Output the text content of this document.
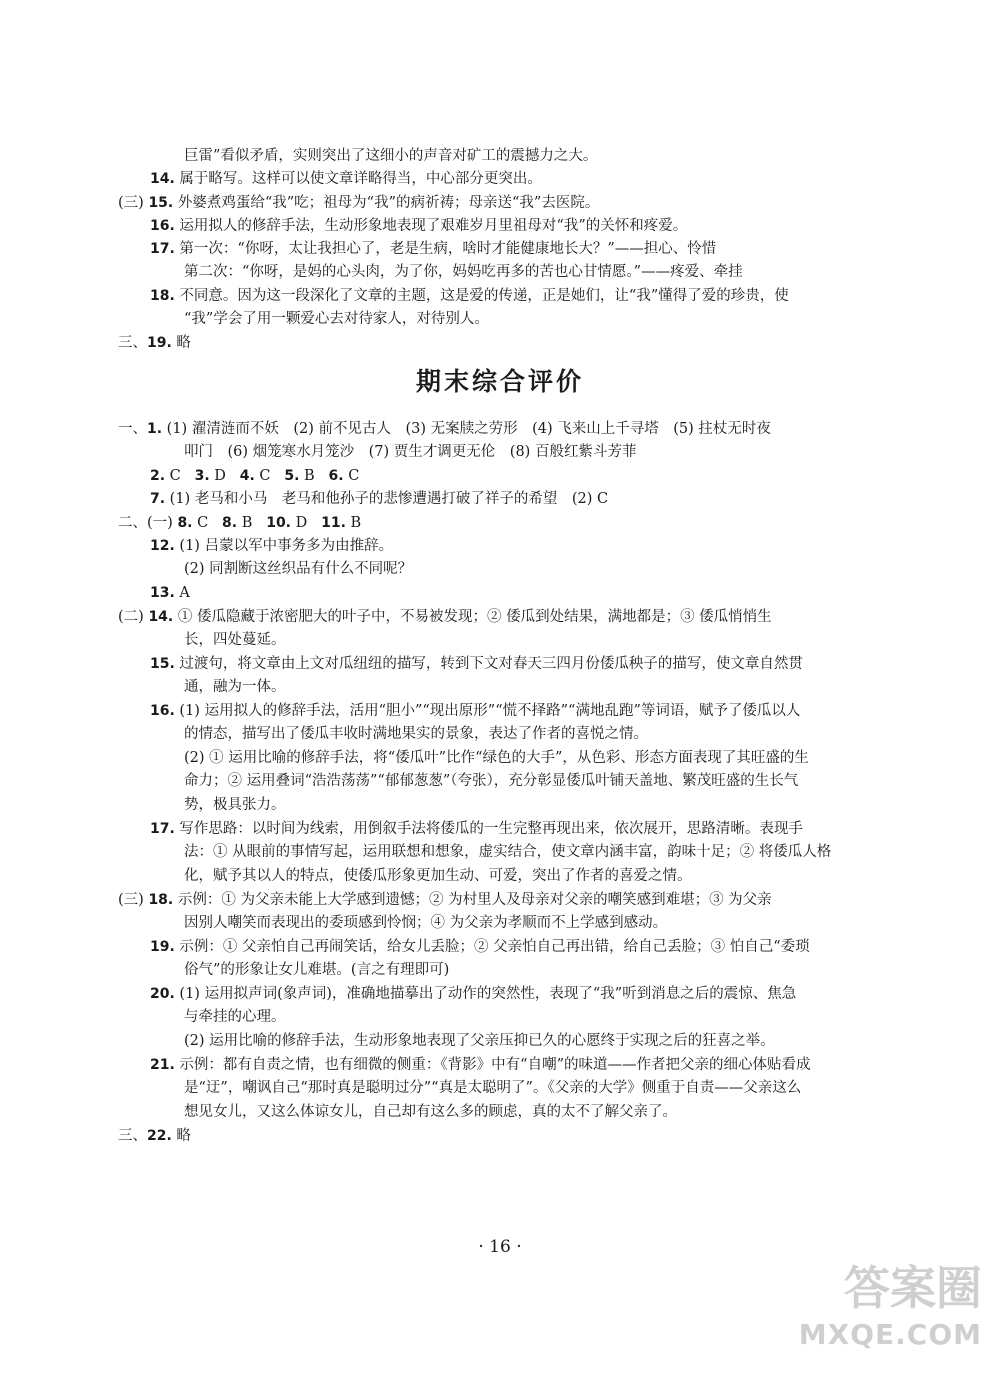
巨雷”看似矛盾，实则突出了这细小的声音对矿工的震撼力之大。
14. 属于略写。这样可以使文章详略得当，中心部分更突出。
(三) 15. 外婆煮鸡蛋给“我”吃；祖母为“我”的病祈祷；母亲送“我”去医院。
16. 运用拟人的修辞手法，生动形象地表现了艰难岁月里祖母对“我”的关怀和疼爱。
17. 第一次：“你呀，太让我担心了，老是生病，啥时才能健康地长大？”——担心、怜惜
第二次：“你呀，是妈的心头肉，为了你，妈妈吃再多的苦也心甘情愿。”——疼爱、牵挂
18. 不同意。因为这一段深化了文章的主题，这是爱的传递，正是她们，让“我”懂得了爱的珍贵，使
“我”学会了用一颗爱心去对待家人，对待别人。
三、19. 略
期末综合评价
一、1. (1) 濯清涟而不妖　(2) 前不见古人　(3) 无案牍之劳形　(4) 飞来山上千寻塔　(5) 拄杖无时夜
叩门　(6) 烟笼寒水月笼沙　(7) 贾生才调更无伦　(8) 百般红紫斗芳菲
2. C 3. D 4. C 5. B 6. C
7. (1) 老马和小马　老马和他孙子的悲惨遭遇打破了祥子的希望　(2) C
二、(一) 8. C 8. B 10. D 11. B
12. (1) 吕蒙以军中事务多为由推辞。
(2) 同割断这丝织品有什么不同呢？
13. A
(二) 14. ① 倭瓜隐藏于浓密肥大的叶子中，不易被发现；② 倭瓜到处结果，满地都是；③ 倭瓜悄悄生
长，四处蔓延。
15. 过渡句，将文章由上文对瓜纽纽的描写，转到下文对春天三四月份倭瓜秧子的描写，使文章自然贯
通，融为一体。
16. (1) 运用拟人的修辞手法，活用“胆小”“现出原形”“慌不择路”“满地乱跑”等词语，赋予了倭瓜以人
的情态，描写出了倭瓜丰收时满地果实的景象，表达了作者的喜悦之情。
(2) ① 运用比喻的修辞手法，将“倭瓜叶”比作“绿色的大手”，从色彩、形态方面表现了其旺盛的生
命力；② 运用叠词“浩浩荡荡”“郁郁葱葱”（夸张），充分彰显倭瓜叶铺天盖地、繁茂旺盛的生长气
势，极具张力。
17. 写作思路：以时间为线索，用倒叙手法将倭瓜的一生完整再现出来，依次展开，思路清晰。表现手
法：① 从眼前的事情写起，运用联想和想象，虚实结合，使文章内涵丰富，韵味十足；② 将倭瓜人格
化，赋予其以人的特点，使倭瓜形象更加生动、可爱，突出了作者的喜爱之情。
(三) 18. 示例：① 为父亲未能上大学感到遗憾；② 为村里人及母亲对父亲的嘲笑感到难堪；③ 为父亲
因别人嘲笑而表现出的委顼感到怜悯；④ 为父亲为孝顺而不上学感到感动。
19. 示例：① 父亲怕自己再闹笑话，给女儿丢脸；② 父亲怕自己再出错，给自己丢脸；③ 怕自己“委琐
俗气”的形象让女儿难堪。(言之有理即可)
20. (1) 运用拟声词(象声词)，准确地描摹出了动作的突然性，表现了“我”听到消息之后的震惊、焦急
与牵挂的心理。
(2) 运用比喻的修辞手法，生动形象地表现了父亲压抑已久的心愿终于实现之后的狂喜之举。
21. 示例：都有自责之情，也有细微的侧重：《背影》中有“自嘲”的味道——作者把父亲的细心体贴看成
是“迂”，嘲讽自己“那时真是聪明过分”“真是太聪明了”。《父亲的大学》侧重于自责——父亲这么
想见女儿，又这么体谅女儿，自己却有这么多的顾虑，真的太不了解父亲了。
三、22. 略
· 16 ·
答案圈
MXQE.COM
